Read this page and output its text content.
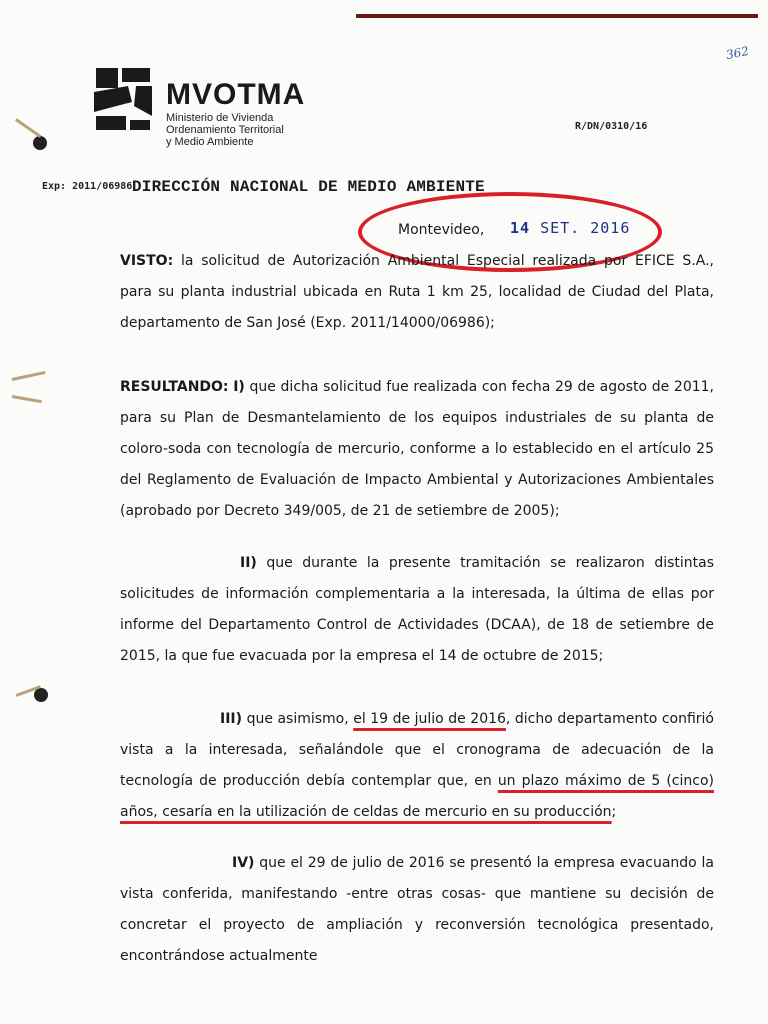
362
MVOTMA
Ministerio de Vivienda
Ordenamiento Territorial
y Medio Ambiente
R/DN/0310/16
Exp: 2011/06986 DIRECCIÓN NACIONAL DE MEDIO AMBIENTE
Montevideo, 14 SET. 2016
VISTO: la solicitud de Autorización Ambiental Especial realizada por EFICE S.A., para su planta industrial ubicada en Ruta 1 km 25, localidad de Ciudad del Plata, departamento de San José (Exp. 2011/14000/06986);
RESULTANDO: I) que dicha solicitud fue realizada con fecha 29 de agosto de 2011, para su Plan de Desmantelamiento de los equipos industriales de su planta de coloro-soda con tecnología de mercurio, conforme a lo establecido en el artículo 25 del Reglamento de Evaluación de Impacto Ambiental y Autorizaciones Ambientales (aprobado por Decreto 349/005, de 21 de setiembre de 2005);
II) que durante la presente tramitación se realizaron distintas solicitudes de información complementaria a la interesada, la última de ellas por informe del Departamento Control de Actividades (DCAA), de 18 de setiembre de 2015, la que fue evacuada por la empresa el 14 de octubre de 2015;
III) que asimismo, el 19 de julio de 2016, dicho departamento confirió vista a la interesada, señalándole que el cronograma de adecuación de la tecnología de producción debía contemplar que, en un plazo máximo de 5 (cinco) años, cesaría en la utilización de celdas de mercurio en su producción;
IV) que el 29 de julio de 2016 se presentó la empresa evacuando la vista conferida, manifestando -entre otras cosas- que mantiene su decisión de concretar el proyecto de ampliación y reconversión tecnológica presentado, encontrándose actualmente
